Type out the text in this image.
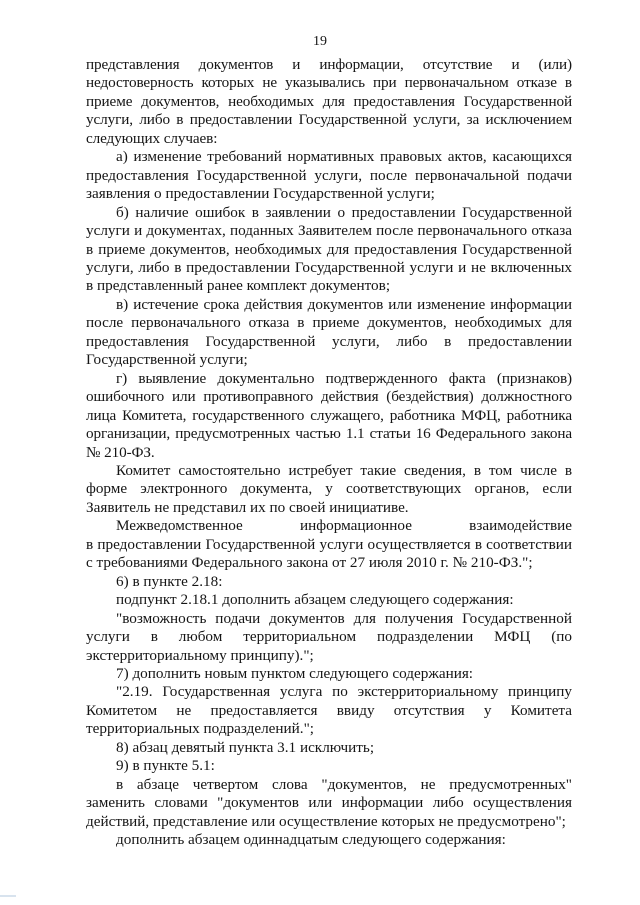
19

представления документов и информации, отсутствие и (или) недостоверность которых не указывались при первоначальном отказе в приеме документов, необходимых для предоставления Государственной услуги, либо в предоставлении Государственной услуги, за исключением следующих случаев:

а) изменение требований нормативных правовых актов, касающихся предоставления Государственной услуги, после первоначальной подачи заявления о предоставлении Государственной услуги;

б) наличие ошибок в заявлении о предоставлении Государственной услуги и документах, поданных Заявителем после первоначального отказа в приеме документов, необходимых для предоставления Государственной услуги, либо в предоставлении Государственной услуги и не включенных в представленный ранее комплект документов;

в) истечение срока действия документов или изменение информации после первоначального отказа в приеме документов, необходимых для предоставления Государственной услуги, либо в предоставлении Государственной услуги;

г) выявление документально подтвержденного факта (признаков) ошибочного или противоправного действия (бездействия) должностного лица Комитета, государственного служащего, работника МФЦ, работника организации, предусмотренных частью 1.1 статьи 16 Федерального закона № 210-ФЗ.

Комитет самостоятельно истребует такие сведения, в том числе в форме электронного документа, у соответствующих органов, если Заявитель не представил их по своей инициативе.

Межведомственное информационное взаимодействие

в предоставлении Государственной услуги осуществляется в соответствии с требованиями Федерального закона от 27 июля 2010 г. № 210-ФЗ.";

6) в пункте 2.18:

подпункт 2.18.1 дополнить абзацем следующего содержания:

"возможность подачи документов для получения Государственной услуги в любом территориальном подразделении МФЦ (по экстерриториальному принципу).";

7) дополнить новым пунктом следующего содержания:

"2.19. Государственная услуга по экстерриториальному принципу Комитетом не предоставляется ввиду отсутствия у Комитета территориальных подразделений.";

8) абзац девятый пункта 3.1 исключить;

9) в пункте 5.1:

в абзаце четвертом слова "документов, не предусмотренных" заменить словами "документов или информации либо осуществления действий, представление или осуществление которых не предусмотрено";

дополнить абзацем одиннадцатым следующего содержания:
